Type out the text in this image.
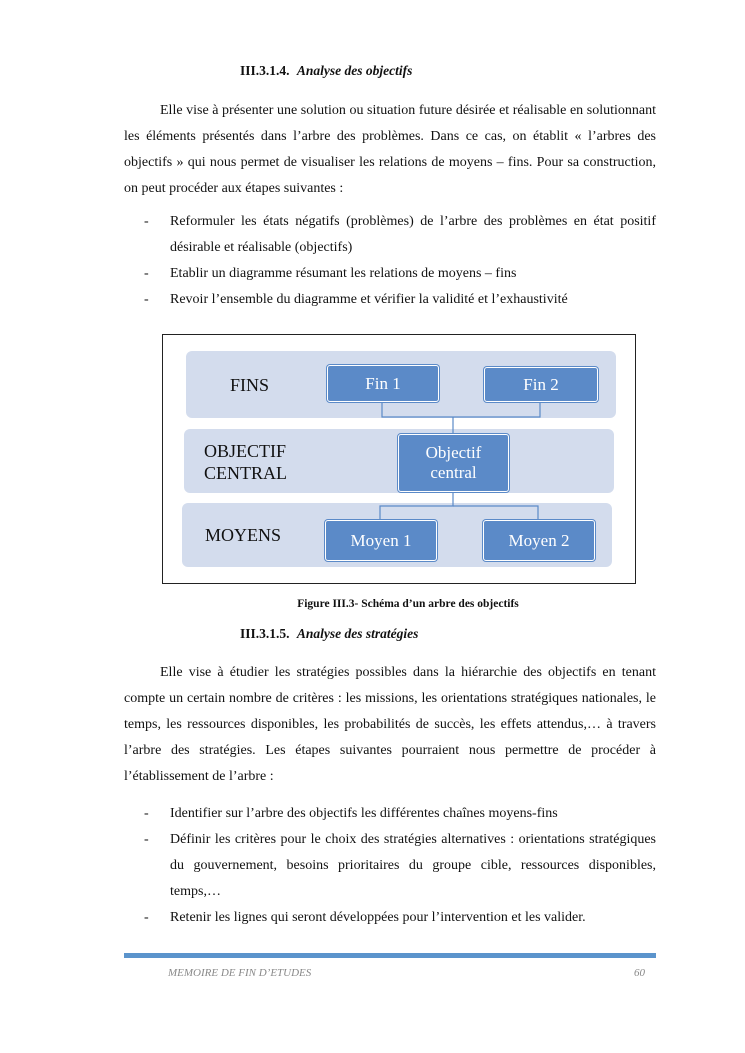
III.3.1.4. Analyse des objectifs

Elle vise à présenter une solution ou situation future désirée et réalisable en solutionnant les éléments présentés dans l’arbre des problèmes. Dans ce cas, on établit « l’arbres des objectifs » qui nous permet de visualiser les relations de moyens – fins. Pour sa construction, on peut procéder aux étapes suivantes :

- Reformuler les états négatifs (problèmes) de l’arbre des problèmes en état positif désirable et réalisable (objectifs)
- Etablir un diagramme résumant les relations de moyens – fins
- Revoir l’ensemble du diagramme et vérifier la validité et l’exhaustivité
FINS
OBJECTIF
CENTRAL
MOYENS
Fin 1	Fin 2
Objectif
central
Moyen 1	Moyen 2
Figure III.3- Schéma d’un arbre des objectifs
III.3.1.5. Analyse des stratégies

Elle vise à étudier les stratégies possibles dans la hiérarchie des objectifs en tenant compte un certain nombre de critères : les missions, les orientations stratégiques nationales, le temps, les ressources disponibles, les probabilités de succès, les effets attendus,… à travers l’arbre des stratégies. Les étapes suivantes pourraient nous permettre de procéder à l’établissement de l’arbre :

- Identifier sur l’arbre des objectifs les différentes chaînes moyens-fins
- Définir les critères pour le choix des stratégies alternatives : orientations stratégiques du gouvernement, besoins prioritaires du groupe cible, ressources disponibles, temps,…
- Retenir les lignes qui seront développées pour l’intervention et les valider.
MEMOIRE DE FIN D’ETUDES	60
